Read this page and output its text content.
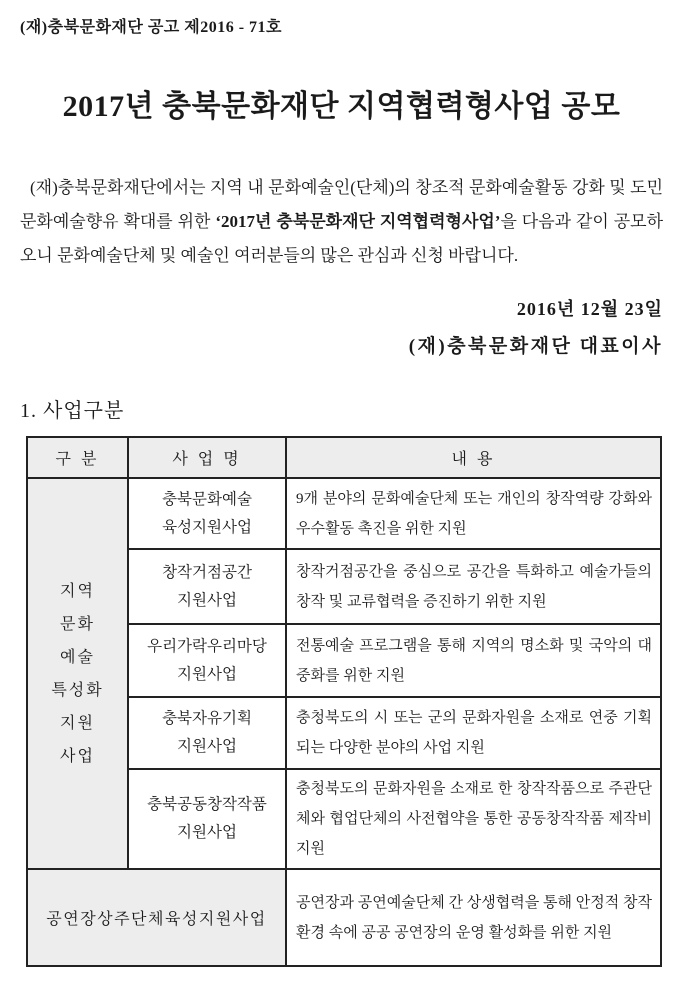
(재)충북문화재단 공고 제2016 - 71호
2017년 충북문화재단 지역협력형사업 공모

(재)충북문화재단에서는 지역 내 문화예술인(단체)의 창조적 문화예술활동 강화 및 도민 문화예술향유 확대를 위한 ‘2017년 충북문화재단 지역협력형사업’을 다음과 같이 공모하오니 문화예술단체 및 예술인 여러분들의 많은 관심과 신청 바랍니다.

2016년 12월 23일
(재)충북문화재단 대표이사
1. 사업구분
구 분	사 업 명	내 용

지역
문화
예술
특성화
지원
사업
	충북문화예술 육성지원사업	9개 분야의 문화예술단체 또는 개인의 창작역량 강화와 우수활동 촉진을 위한 지원
	창작거점공간 지원사업	창작거점공간을 중심으로 공간을 특화하고 예술가들의 창작 및 교류협력을 증진하기 위한 지원
	우리가락우리마당 지원사업	전통예술 프로그램을 통해 지역의 명소화 및 국악의 대중화를 위한 지원
	충북자유기획 지원사업	충청북도의 시 또는 군의 문화자원을 소재로 연중 기획되는 다양한 분야의 사업 지원
	충북공동창작작품 지원사업	충청북도의 문화자원을 소재로 한 창작작품으로 주관단체와 협업단체의 사전협약을 통한 공동창작작품 제작비 지원
공연장상주단체육성지원사업		공연장과 공연예술단체 간 상생협력을 통해 안정적 창작환경 속에 공공 공연장의 운영 활성화를 위한 지원
